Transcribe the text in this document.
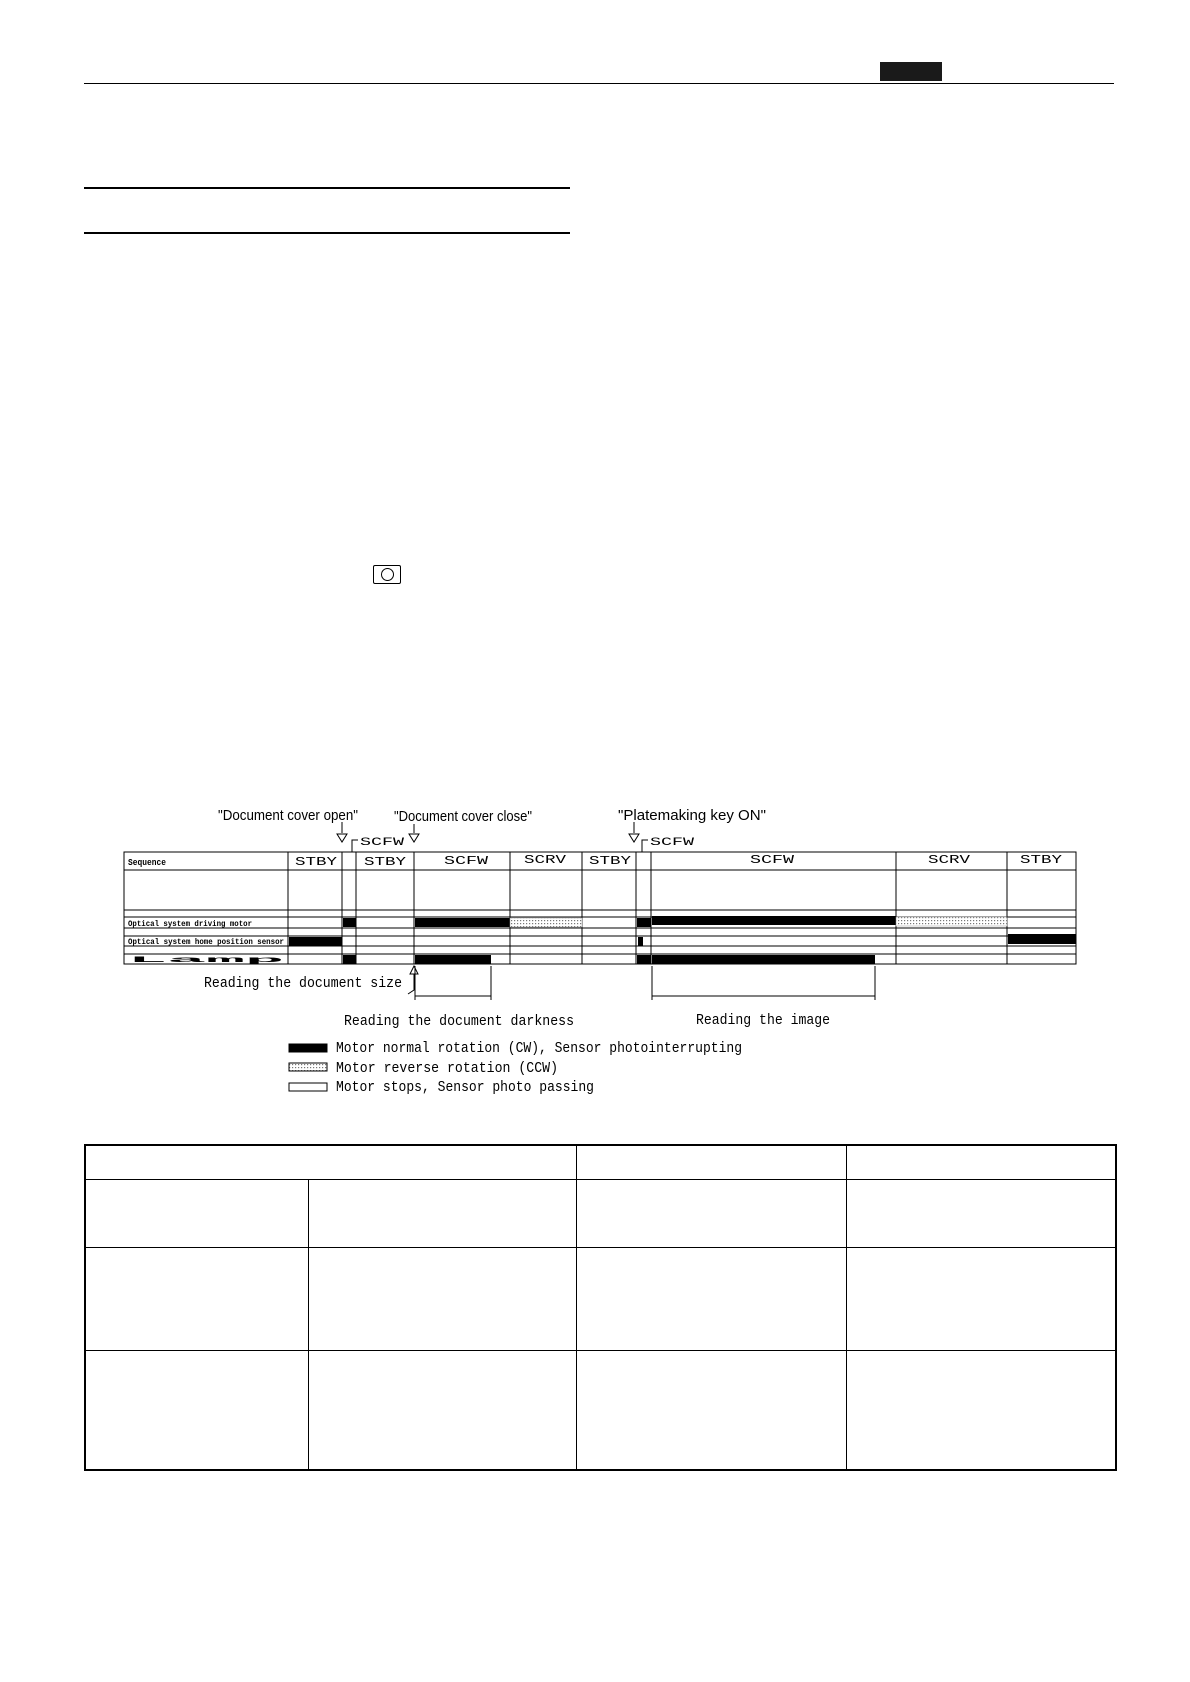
"Document cover open" "Document cover close"	"Platemaking key ON"
SCFW	SCFW
Sequence	STBY STBY	SCFW	SCRV STBY	SCFW	SCRV	STBY
Optical system driving motor
Optical system home position sensor
Lamp
Reading the document size
Reading the document darkness	Reading the image
Motor normal rotation (CW), Sensor photointerrupting
Motor reverse rotation (CCW)
Motor stops, Sensor photo passing
